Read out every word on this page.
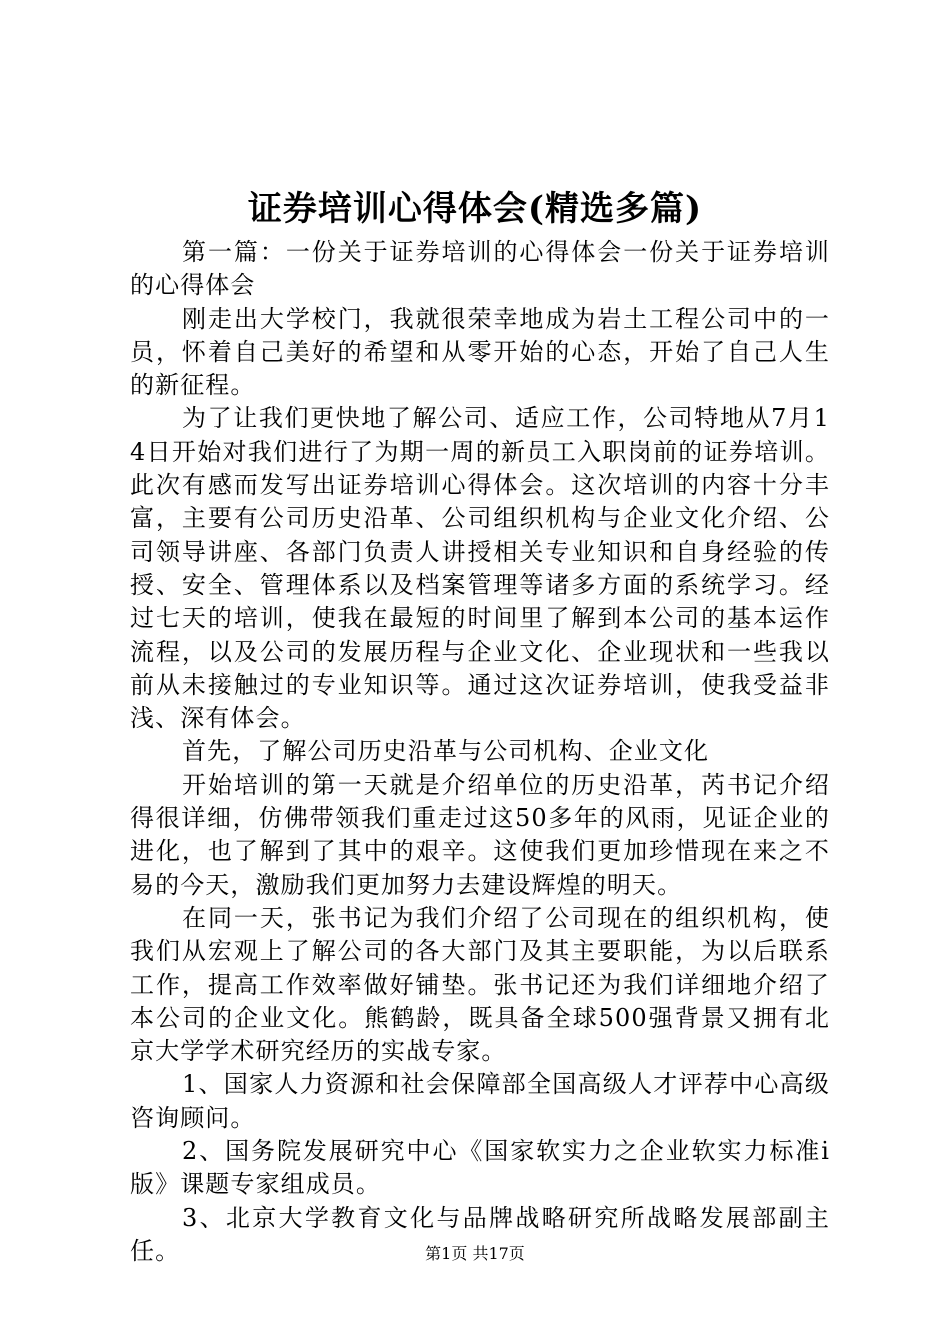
证券培训心得体会(精选多篇)

第一篇：一份关于证券培训的心得体会一份关于证券培训的心得体会

刚走出大学校门，我就很荣幸地成为岩土工程公司中的一员，怀着自己美好的希望和从零开始的心态，开始了自己人生的新征程。

为了让我们更快地了解公司、适应工作，公司特地从7月14日开始对我们进行了为期一周的新员工入职岗前的证券培训。此次有感而发写出证券培训心得体会。这次培训的内容十分丰富，主要有公司历史沿革、公司组织机构与企业文化介绍、公司领导讲座、各部门负责人讲授相关专业知识和自身经验的传授、安全、管理体系以及档案管理等诸多方面的系统学习。经过七天的培训，使我在最短的时间里了解到本公司的基本运作流程，以及公司的发展历程与企业文化、企业现状和一些我以前从未接触过的专业知识等。通过这次证券培训，使我受益非浅、深有体会。

首先，了解公司历史沿革与公司机构、企业文化

开始培训的第一天就是介绍单位的历史沿革，芮书记介绍得很详细，仿佛带领我们重走过这50多年的风雨，见证企业的进化，也了解到了其中的艰辛。这使我们更加珍惜现在来之不易的今天，激励我们更加努力去建设辉煌的明天。

在同一天，张书记为我们介绍了公司现在的组织机构，使我们从宏观上了解公司的各大部门及其主要职能，为以后联系工作，提高工作效率做好铺垫。张书记还为我们详细地介绍了本公司的企业文化。熊鹤龄，既具备全球500强背景又拥有北京大学学术研究经历的实战专家。

1、国家人力资源和社会保障部全国高级人才评荐中心高级咨询顾问。

2、国务院发展研究中心《国家软实力之企业软实力标准i版》课题专家组成员。

3、北京大学教育文化与品牌战略研究所战略发展部副主任。	第1页 共17页
